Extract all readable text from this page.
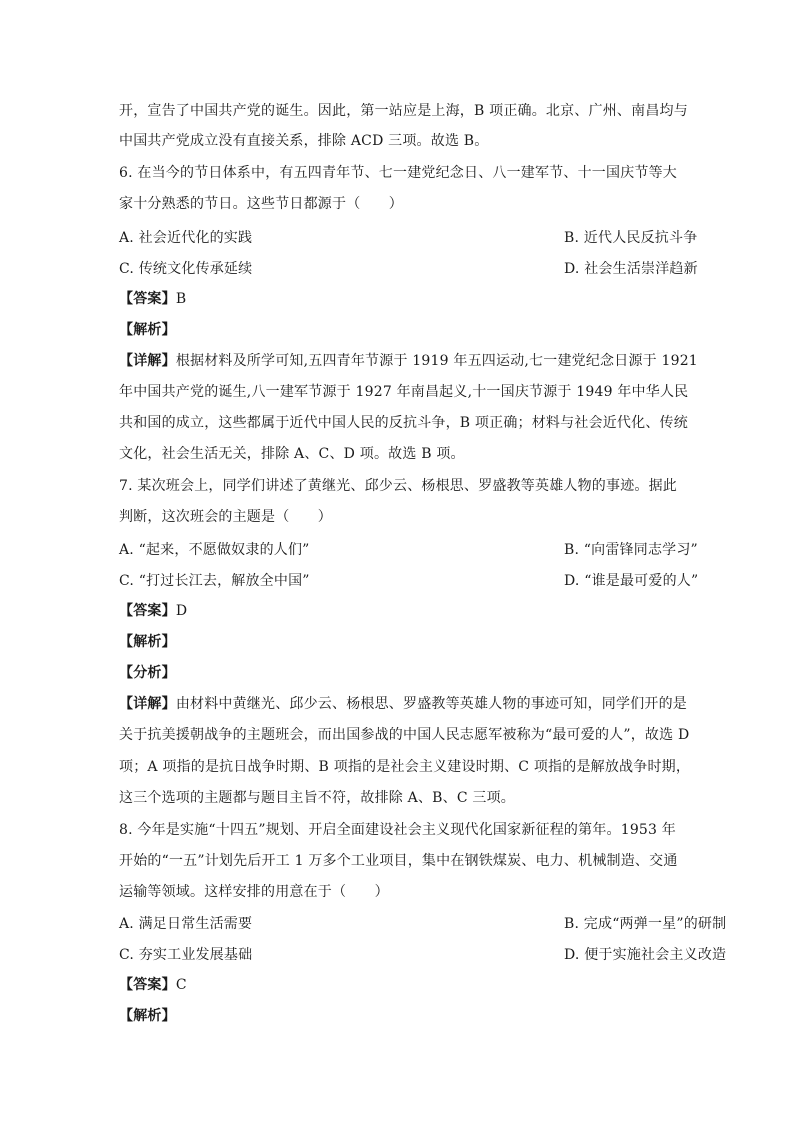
开，宣告了中国共产党的诞生。因此，第一站应是上海，B 项正确。北京、广州、南昌均与
中国共产党成立没有直接关系，排除 ACD 三项。故选 B。
6. 在当今的节日体系中，有五四青年节、七一建党纪念日、八一建军节、十一国庆节等大
家十分熟悉的节日。这些节日都源于（　　）
A. 社会近代化的实践	B. 近代人民反抗斗争
C. 传统文化传承延续	D. 社会生活崇洋趋新
【答案】B
【解析】
【详解】根据材料及所学可知,五四青年节源于 1919 年五四运动,七一建党纪念日源于 1921
年中国共产党的诞生,八一建军节源于 1927 年南昌起义,十一国庆节源于 1949 年中华人民
共和国的成立，这些都属于近代中国人民的反抗斗争，B 项正确；材料与社会近代化、传统
文化，社会生活无关，排除 A、C、D 项。故选 B 项。
7. 某次班会上，同学们讲述了黄继光、邱少云、杨根思、罗盛教等英雄人物的事迹。据此
判断，这次班会的主题是（　　）
A. “起来，不愿做奴隶的人们”	B. “向雷锋同志学习”
C. “打过长江去，解放全中国”	D. “谁是最可爱的人”
【答案】D
【解析】
【分析】
【详解】由材料中黄继光、邱少云、杨根思、罗盛教等英雄人物的事迹可知，同学们开的是
关于抗美援朝战争的主题班会，而出国参战的中国人民志愿军被称为“最可爱的人”，故选 D
项；A 项指的是抗日战争时期、B 项指的是社会主义建设时期、C 项指的是解放战争时期，
这三个选项的主题都与题目主旨不符，故排除 A、B、C 三项。
8. 今年是实施“十四五”规划、开启全面建设社会主义现代化国家新征程的第年。1953 年
开始的“一五”计划先后开工 1 万多个工业项目，集中在钢铁煤炭、电力、机械制造、交通
运输等领域。这样安排的用意在于（　　）
A. 满足日常生活需要	B. 完成“两弹一星”的研制
C. 夯实工业发展基础	D. 便于实施社会主义改造
【答案】C
【解析】
